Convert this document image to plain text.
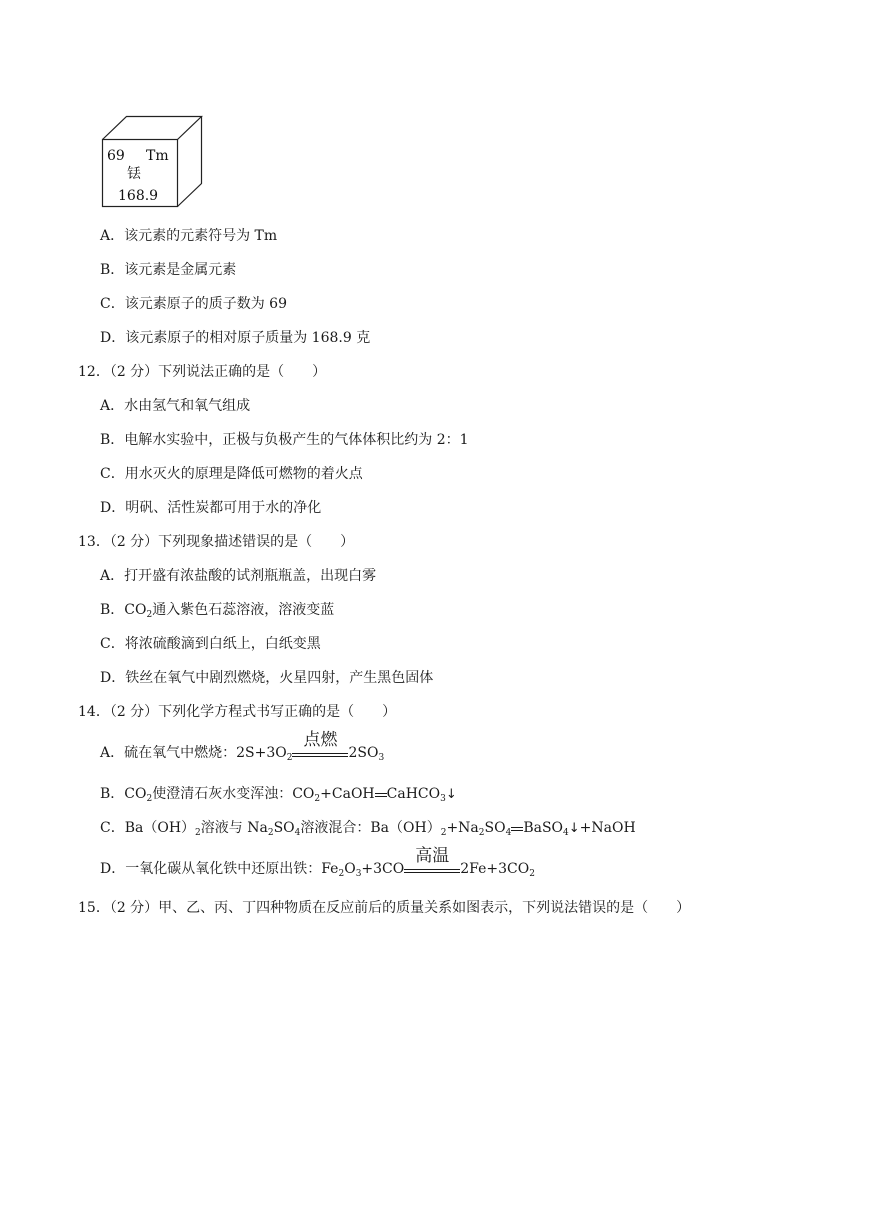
69 Tm
铥
168.9
A．该元素的元素符号为 Tm
B．该元素是金属元素
C．该元素原子的质子数为 69
D．该元素原子的相对原子质量为 168.9 克
12．（2 分）下列说法正确的是（　　）
A．水由氢气和氧气组成
B．电解水实验中，正极与负极产生的气体体积比约为 2：1
C．用水灭火的原理是降低可燃物的着火点
D．明矾、活性炭都可用于水的净化
13．（2 分）下列现象描述错误的是（　　）
A．打开盛有浓盐酸的试剂瓶瓶盖，出现白雾
B．$CO_2$通入紫色石蕊溶液，溶液变蓝
C．将浓硫酸滴到白纸上，白纸变黑
D．铁丝在氧气中剧烈燃烧，火星四射，产生黑色固体
14．（2 分）下列化学方程式书写正确的是（　　）
A．硫在氧气中燃烧：$2S+3O_2$
点燃
$2SO_3$
B．$CO_2$使澄清石灰水变浑浊：$CO_2+CaOH$ CaHCO$_3$↓
C．$Ba(OH)_2$溶液与 $Na_2SO_4$溶液混合：$Ba(OH)_2+Na_2SO_4$ BaSO$_4$↓+NaOH
D．一氧化碳从氧化铁中还原出铁：$Fe_2O_3+3CO$
高温
$2Fe+3CO_2$
15．（2 分）甲、乙、丙、丁四种物质在反应前后的质量关系如图表示，下列说法错误的是（　　）
